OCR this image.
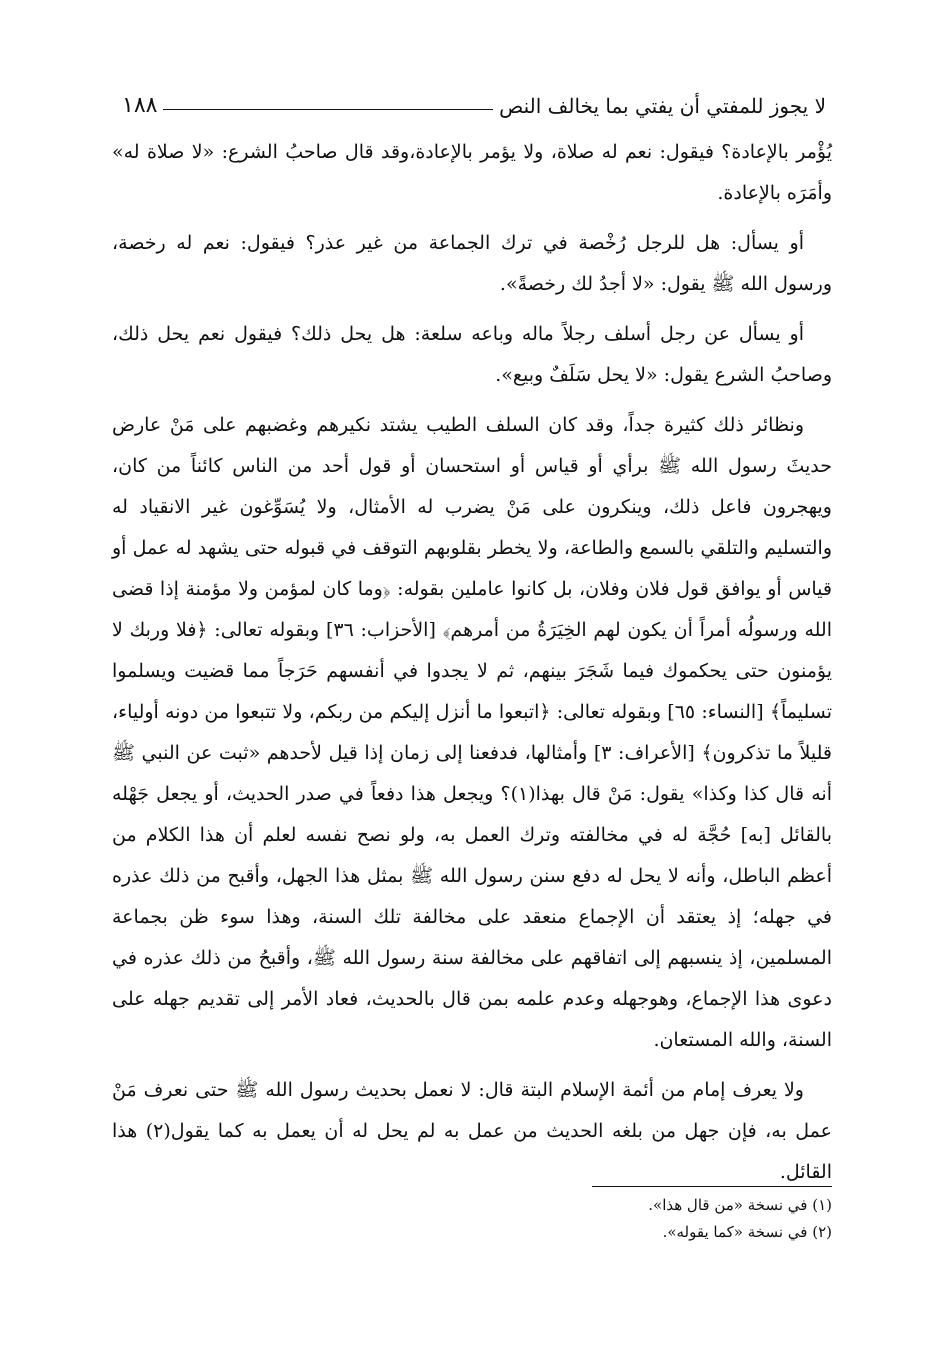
لا يجوز للمفتي أن يفتي بما يخالف النص
١٨٨

يُؤْمر بالإعادة؟ فيقول: نعم له صلاة، ولا يؤمر بالإعادة،وقد قال صاحبُ الشرع: «لا صلاة له» وأمَرَه بالإعادة.

أو يسأل: هل للرجل رُخْصة في ترك الجماعة من غير عذر؟ فيقول: نعم له رخصة، ورسول الله ﷺ يقول: «لا أجدُ لك رخصةً».

أو يسأل عن رجل أسلف رجلاً ماله وباعه سلعة: هل يحل ذلك؟ فيقول نعم يحل ذلك، وصاحبُ الشرع يقول: «لا يحل سَلَفٌ وبيع».

ونظائر ذلك كثيرة جداً، وقد كان السلف الطيب يشتد نكيرهم وغضبهم على مَنْ عارض حديثَ رسول الله ﷺ برأي أو قياس أو استحسان أو قول أحد من الناس كائناً من كان، ويهجرون فاعل ذلك، وينكرون على مَنْ يضرب له الأمثال، ولا يُسَوِّغون غير الانقياد له والتسليم والتلقي بالسمع والطاعة، ولا يخطر بقلوبهم التوقف في قبوله حتى يشهد له عمل أو قياس أو يوافق قول فلان وفلان، بل كانوا عاملين بقوله: ﴿وما كان لمؤمن ولا مؤمنة إذا قضى الله ورسولُه أمراً أن يكون لهم الخِيَرَةُ من أمرهم﴾ [الأحزاب: ٣٦] وبقوله تعالى: ﴿فلا وربك لا يؤمنون حتى يحكموك فيما شَجَرَ بينهم، ثم لا يجدوا في أنفسهم حَرَجاً مما قضيت ويسلموا تسليماً﴾ [النساء: ٦٥] وبقوله تعالى: ﴿اتبعوا ما أنزل إليكم من ربكم، ولا تتبعوا من دونه أولياء، قليلاً ما تذكرون﴾ [الأعراف: ٣] وأمثالها، فدفعنا إلى زمان إذا قيل لأحدهم «ثبت عن النبي ﷺ أنه قال كذا وكذا» يقول: مَنْ قال بهذا(١)؟ ويجعل هذا دفعاً في صدر الحديث، أو يجعل جَهْله بالقائل [به] حُجَّة له في مخالفته وترك العمل به، ولو نصح نفسه لعلم أن هذا الكلام من أعظم الباطل، وأنه لا يحل له دفع سنن رسول الله ﷺ بمثل هذا الجهل، وأقبح من ذلك عذره في جهله؛ إذ يعتقد أن الإجماع منعقد على مخالفة تلك السنة، وهذا سوء ظن بجماعة المسلمين، إذ ينسبهم إلى اتفاقهم على مخالفة سنة رسول الله ﷺ، وأقبحُ من ذلك عذره في دعوى هذا الإجماع، وهوجهله وعدم علمه بمن قال بالحديث، فعاد الأمر إلى تقديم جهله على السنة، والله المستعان.

ولا يعرف إمام من أئمة الإسلام البتة قال: لا نعمل بحديث رسول الله ﷺ حتى نعرف مَنْ عمل به، فإن جهل من بلغه الحديث من عمل به لم يحل له أن يعمل به كما يقول(٢) هذا القائل.

(١) في نسخة «من قال هذا».
(٢) في نسخة «كما يقوله».
